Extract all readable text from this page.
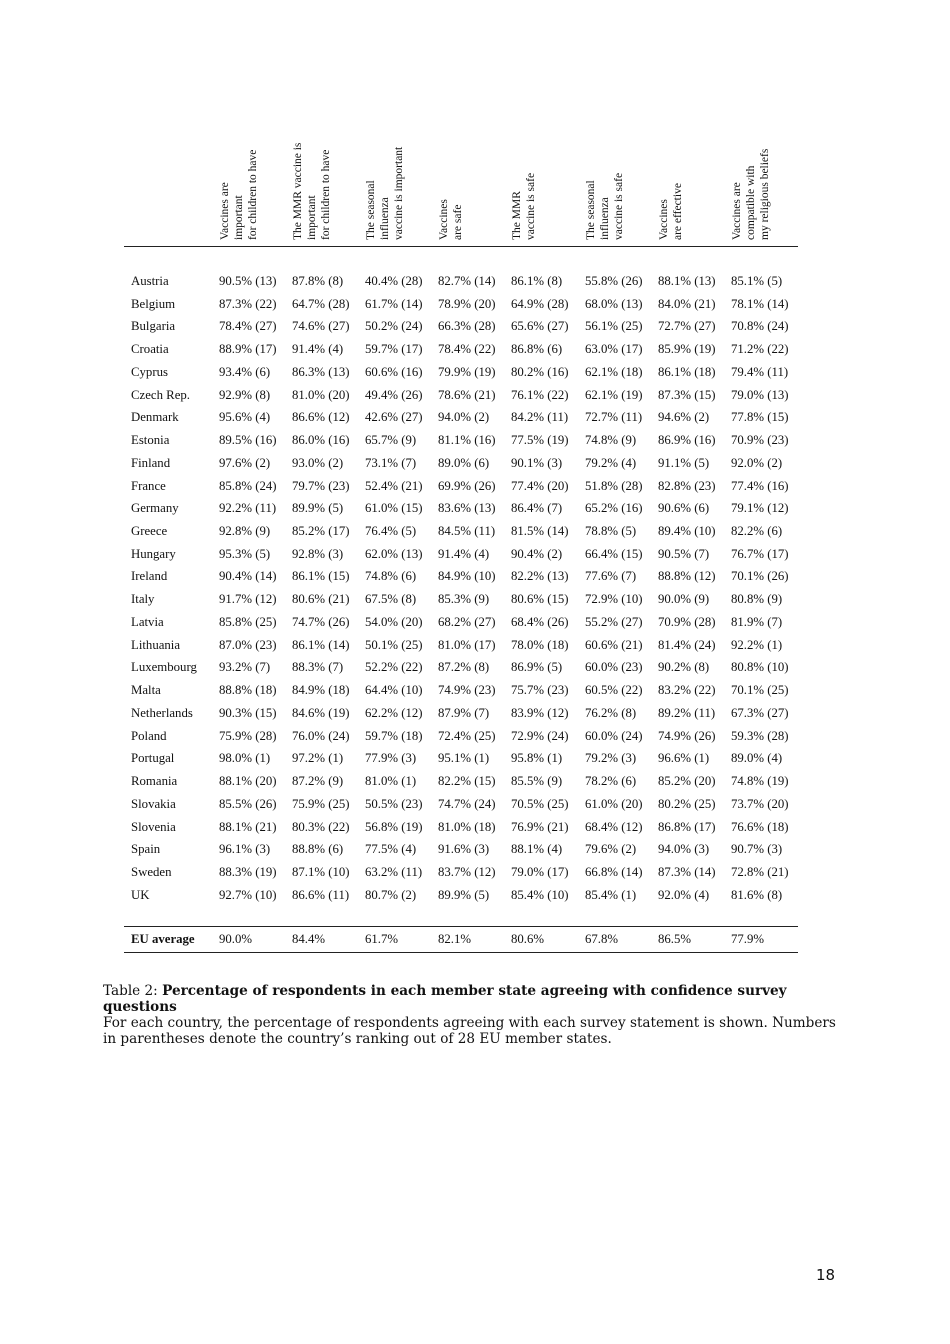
Vaccines are important for children to have	The MMR vaccine is important for children to have	The seasonal influenza vaccine is important	Vaccines are safe	The MMR vaccine is safe	The seasonal influenza vaccine is safe	Vaccines are effective	Vaccines are compatible with my religious beliefs
Austria	90.5% (13) 87.8% (8) 40.4% (28) 82.7% (14) 86.1% (8) 55.8% (26) 88.1% (13) 85.1% (5)
Belgium	87.3% (22) 64.7% (28) 61.7% (14) 78.9% (20) 64.9% (28) 68.0% (13) 84.0% (21) 78.1% (14)
Bulgaria	78.4% (27) 74.6% (27) 50.2% (24) 66.3% (28) 65.6% (27) 56.1% (25) 72.7% (27) 70.8% (24)
Croatia	88.9% (17) 91.4% (4) 59.7% (17) 78.4% (22) 86.8% (6) 63.0% (17) 85.9% (19) 71.2% (22)
Cyprus	93.4% (6) 86.3% (13) 60.6% (16) 79.9% (19) 80.2% (16) 62.1% (18) 86.1% (18) 79.4% (11)
Czech Rep. 92.9% (8) 81.0% (20) 49.4% (26) 78.6% (21) 76.1% (22) 62.1% (19) 87.3% (15) 79.0% (13)
Denmark	95.6% (4) 86.6% (12) 42.6% (27) 94.0% (2) 84.2% (11) 72.7% (11) 94.6% (2) 77.8% (15)
Estonia	89.5% (16) 86.0% (16) 65.7% (9) 81.1% (16) 77.5% (19) 74.8% (9) 86.9% (16) 70.9% (23)
Finland	97.6% (2) 93.0% (2) 73.1% (7) 89.0% (6) 90.1% (3) 79.2% (4) 91.1% (5) 92.0% (2)
France	85.8% (24) 79.7% (23) 52.4% (21) 69.9% (26) 77.4% (20) 51.8% (28) 82.8% (23) 77.4% (16)
Germany	92.2% (11) 89.9% (5) 61.0% (15) 83.6% (13) 86.4% (7) 65.2% (16) 90.6% (6) 79.1% (12)
Greece	92.8% (9) 85.2% (17) 76.4% (5) 84.5% (11) 81.5% (14) 78.8% (5) 89.4% (10) 82.2% (6)
Hungary	95.3% (5) 92.8% (3) 62.0% (13) 91.4% (4) 90.4% (2) 66.4% (15) 90.5% (7) 76.7% (17)
Ireland	90.4% (14) 86.1% (15) 74.8% (6) 84.9% (10) 82.2% (13) 77.6% (7) 88.8% (12) 70.1% (26)
Italy	91.7% (12) 80.6% (21) 67.5% (8) 85.3% (9) 80.6% (15) 72.9% (10) 90.0% (9) 80.8% (9)
Latvia	85.8% (25) 74.7% (26) 54.0% (20) 68.2% (27) 68.4% (26) 55.2% (27) 70.9% (28) 81.9% (7)
Lithuania	87.0% (23) 86.1% (14) 50.1% (25) 81.0% (17) 78.0% (18) 60.6% (21) 81.4% (24) 92.2% (1)
Luxembourg 93.2% (7) 88.3% (7) 52.2% (22) 87.2% (8) 86.9% (5) 60.0% (23) 90.2% (8) 80.8% (10)
Malta	88.8% (18) 84.9% (18) 64.4% (10) 74.9% (23) 75.7% (23) 60.5% (22) 83.2% (22) 70.1% (25)
Netherlands 90.3% (15) 84.6% (19) 62.2% (12) 87.9% (7) 83.9% (12) 76.2% (8) 89.2% (11) 67.3% (27)
Poland	75.9% (28) 76.0% (24) 59.7% (18) 72.4% (25) 72.9% (24) 60.0% (24) 74.9% (26) 59.3% (28)
Portugal	98.0% (1) 97.2% (1) 77.9% (3) 95.1% (1) 95.8% (1) 79.2% (3) 96.6% (1) 89.0% (4)
Romania	88.1% (20) 87.2% (9) 81.0% (1) 82.2% (15) 85.5% (9) 78.2% (6) 85.2% (20) 74.8% (19)
Slovakia	85.5% (26) 75.9% (25) 50.5% (23) 74.7% (24) 70.5% (25) 61.0% (20) 80.2% (25) 73.7% (20)
Slovenia	88.1% (21) 80.3% (22) 56.8% (19) 81.0% (18) 76.9% (21) 68.4% (12) 86.8% (17) 76.6% (18)
Spain	96.1% (3) 88.8% (6) 77.5% (4) 91.6% (3) 88.1% (4) 79.6% (2) 94.0% (3) 90.7% (3)
Sweden	88.3% (19) 87.1% (10) 63.2% (11) 83.7% (12) 79.0% (17) 66.8% (14) 87.3% (14) 72.8% (21)
UK	92.7% (10) 86.6% (11) 80.7% (2) 89.9% (5) 85.4% (10) 85.4% (1) 92.0% (4) 81.6% (8)
EU average 90.0%	84.4%	61.7%	82.1%	80.6%	67.8%	86.5%	77.9%
Table 2: Percentage of respondents in each member state agreeing with confidence survey questions
For each country, the percentage of respondents agreeing with each survey statement is shown. Numbers in parentheses denote the country’s ranking out of 28 EU member states.
18
